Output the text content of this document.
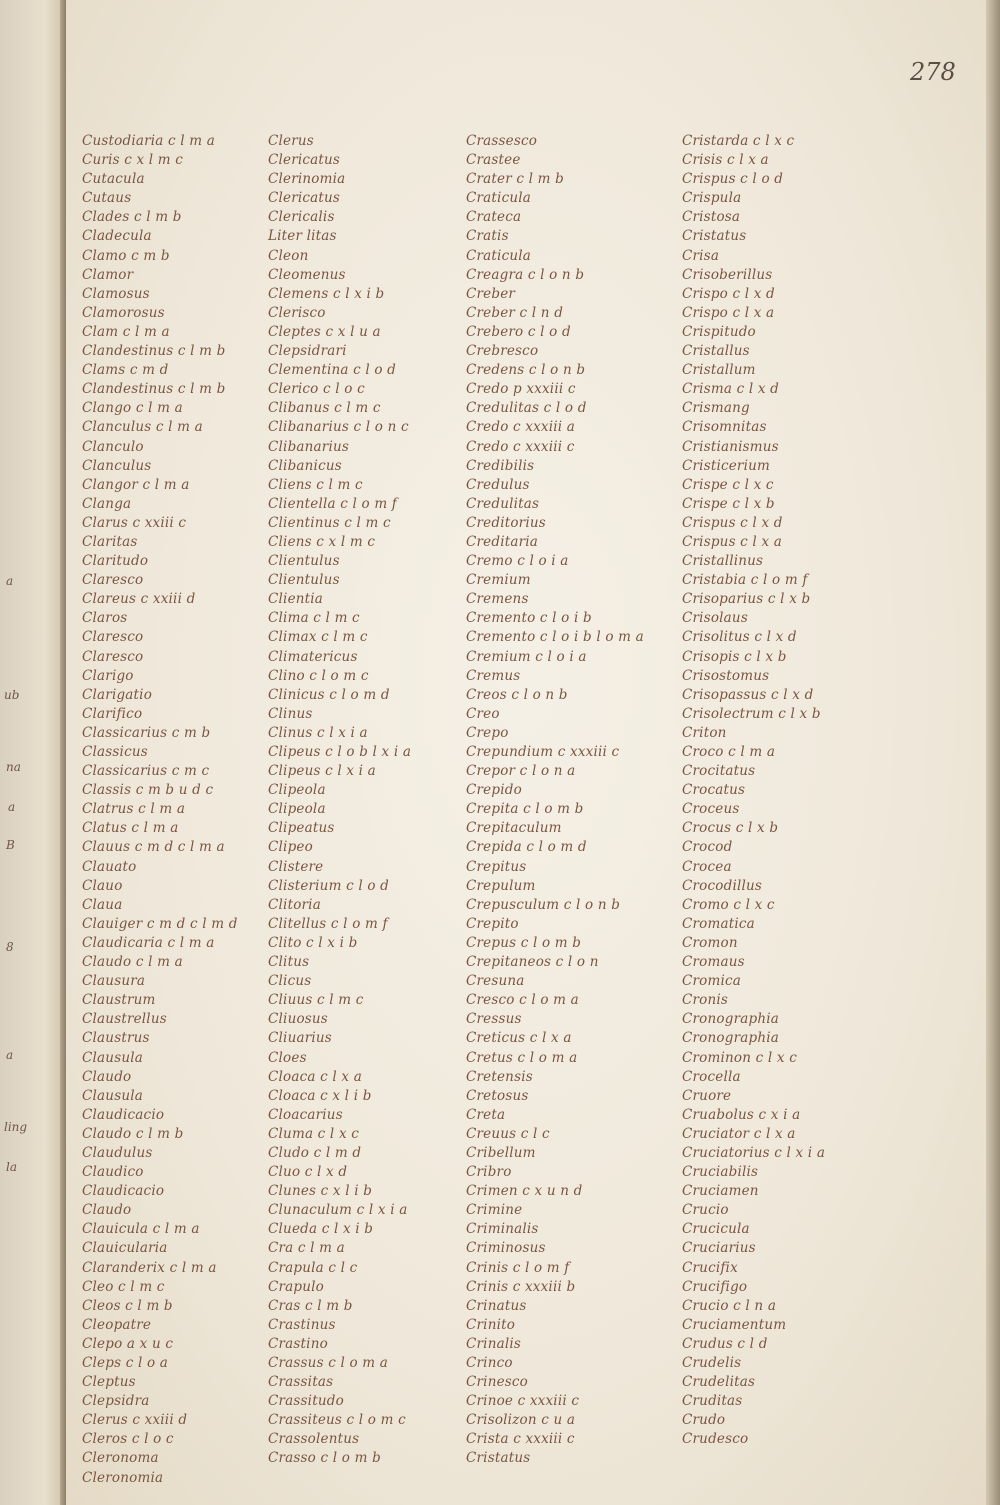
a
ub
na
a
B
8
a
ling
la
278
Custodiaria c l m a
Curis c x l m c
Cutacula
Cutaus
Clades c l m b
Cladecula
Clamo c m b
Clamor
Clamosus
Clamorosus
Clam c l m a
Clandestinus c l m b
Clams c m d
Clandestinus c l m b
Clango c l m a
Clanculus c l m a
Clanculo
Clanculus
Clangor c l m a
Clanga
Clarus c xxiii c
Claritas
Claritudo
Claresco
Clareus c xxiii d
Claros
Claresco
Claresco
Clarigo
Clarigatio
Clarifico
Classicarius c m b
Classicus
Classicarius c m c
Classis c m b u d c
Clatrus c l m a
Clatus c l m a
Clauus c m d c l m a
Clauato
Clauo
Claua
Clauiger c m d c l m d
Claudicaria c l m a
Claudo c l m a
Clausura
Claustrum
Claustrellus
Claustrus
Clausula
Claudo
Clausula
Claudicacio
Claudo c l m b
Claudulus
Claudico
Claudicacio
Claudo
Clauicula c l m a
Clauicularia
Claranderix c l m a
Cleo c l m c
Cleos c l m b
Cleopatre
Clepo a x u c
Cleps c l o a
Cleptus
Clepsidra
Clerus c xxiii d
Cleros c l o c
Cleronoma
Cleronomia
Clerus
Clericatus
Clerinomia
Clericatus
Clericalis
Liter litas
Cleon
Cleomenus
Clemens c l x i b
Clerisco
Cleptes c x l u a
Clepsidrari
Clementina c l o d
Clerico c l o c
Clibanus c l m c
Clibanarius c l o n c
Clibanarius
Clibanicus
Cliens c l m c
Clientella c l o m f
Clientinus c l m c
Cliens c x l m c
Clientulus
Clientulus
Clientia
Clima c l m c
Climax c l m c
Climatericus
Clino c l o m c
Clinicus c l o m d
Clinus
Clinus c l x i a
Clipeus c l o b l x i a
Clipeus c l x i a
Clipeola
Clipeola
Clipeatus
Clipeo
Clistere
Clisterium c l o d
Clitoria
Clitellus c l o m f
Clito c l x i b
Clitus
Clicus
Cliuus c l m c
Cliuosus
Cliuarius
Cloes
Cloaca c l x a
Cloaca c x l i b
Cloacarius
Cluma c l x c
Cludo c l m d
Cluo c l x d
Clunes c x l i b
Clunaculum c l x i a
Clueda c l x i b
Cra c l m a
Crapula c l c
Crapulo
Cras c l m b
Crastinus
Crastino
Crassus c l o m a
Crassitas
Crassitudo
Crassiteus c l o m c
Crassolentus
Crasso c l o m b
Crassesco
Crastee
Crater c l m b
Craticula
Crateca
Cratis
Craticula
Creagra c l o n b
Creber
Creber c l n d
Crebero c l o d
Crebresco
Credens c l o n b
Credo p xxxiii c
Credulitas c l o d
Credo c xxxiii a
Credo c xxxiii c
Credibilis
Credulus
Credulitas
Creditorius
Creditaria
Cremo c l o i a
Cremium
Cremens
Cremento c l o i b
Cremento c l o i b l o m a
Cremium c l o i a
Cremus
Creos c l o n b
Creo
Crepo
Crepundium c xxxiii c
Crepor c l o n a
Crepido
Crepita c l o m b
Crepitaculum
Crepida c l o m d
Crepitus
Crepulum
Crepusculum c l o n b
Crepito
Crepus c l o m b
Crepitaneos c l o n
Cresuna
Cresco c l o m a
Cressus
Creticus c l x a
Cretus c l o m a
Cretensis
Cretosus
Creta
Creuus c l c
Cribellum
Cribro
Crimen c x u n d
Crimine
Criminalis
Criminosus
Crinis c l o m f
Crinis c xxxiii b
Crinatus
Crinito
Crinalis
Crinco
Crinesco
Crinoe c xxxiii c
Crisolizon c u a
Crista c xxxiii c
Cristatus
Cristarda c l x c
Crisis c l x a
Crispus c l o d
Crispula
Cristosa
Cristatus
Crisa
Crisoberillus
Crispo c l x d
Crispo c l x a
Crispitudo
Cristallus
Cristallum
Crisma c l x d
Crismang
Crisomnitas
Cristianismus
Cristicerium
Crispe c l x c
Crispe c l x b
Crispus c l x d
Crispus c l x a
Cristallinus
Cristabia c l o m f
Crisoparius c l x b
Crisolaus
Crisolitus c l x d
Crisopis c l x b
Crisostomus
Crisopassus c l x d
Crisolectrum c l x b
Criton
Croco c l m a
Crocitatus
Crocatus
Croceus
Crocus c l x b
Crocod
Crocea
Crocodillus
Cromo c l x c
Cromatica
Cromon
Cromaus
Cromica
Cronis
Cronographia
Cronographia
Crominon c l x c
Crocella
Cruore
Cruabolus c x i a
Cruciator c l x a
Cruciatorius c l x i a
Cruciabilis
Cruciamen
Crucio
Crucicula
Cruciarius
Crucifix
Crucifigo
Crucio c l n a
Cruciamentum
Crudus c l d
Crudelis
Crudelitas
Cruditas
Crudo
Crudesco
